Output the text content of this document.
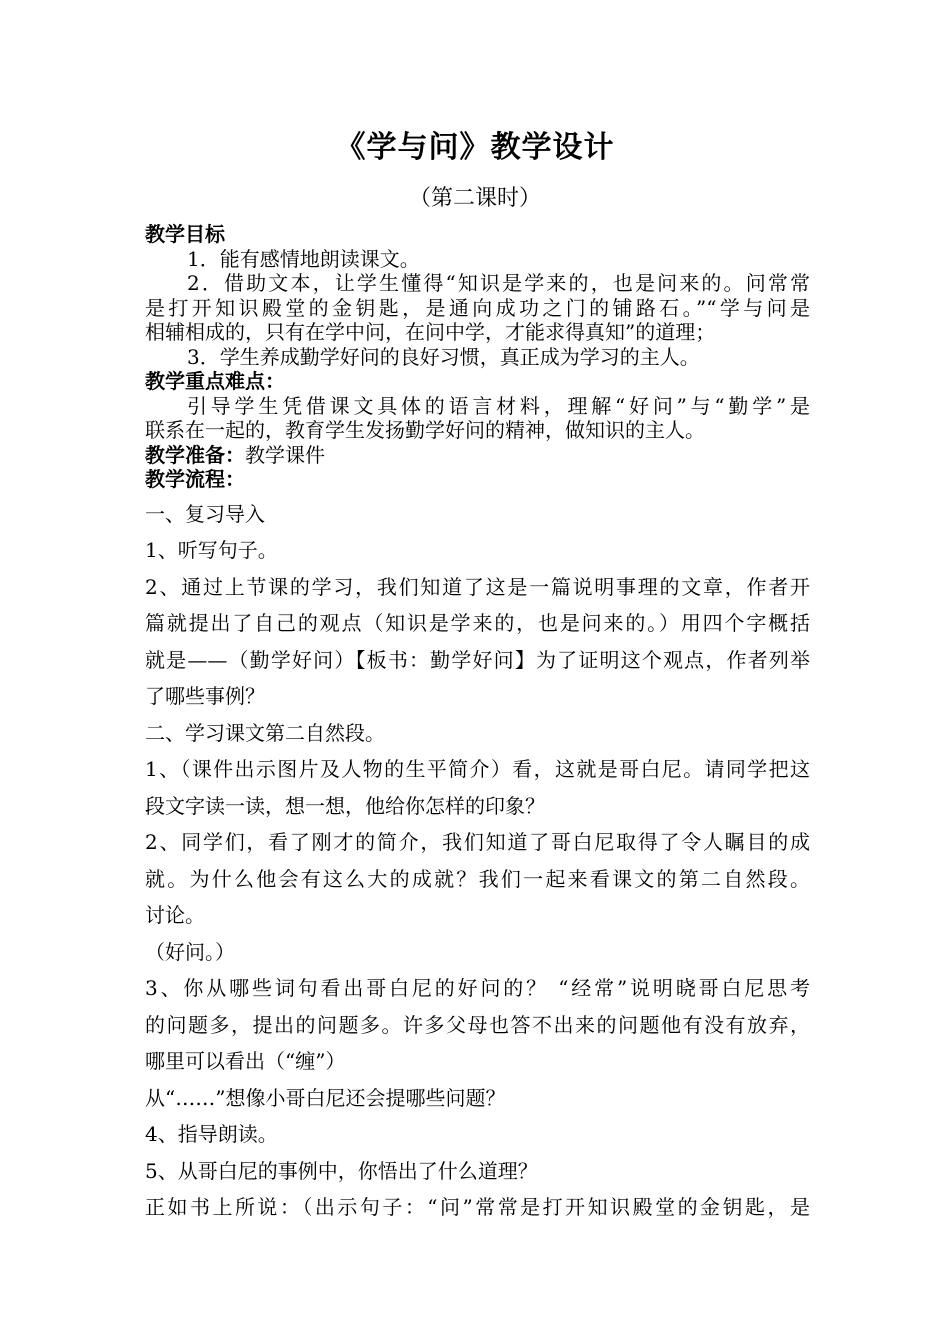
《学与问》教学设计
（第二课时）
教学目标
1．能有感情地朗读课文。
2．借助文本，让学生懂得“知识是学来的，也是问来的。问常常
是打开知识殿堂的金钥匙，是通向成功之门的铺路石。”“学与问是
相辅相成的，只有在学中问，在问中学，才能求得真知”的道理；
3．学生养成勤学好问的良好习惯，真正成为学习的主人。
教学重点难点：
引导学生凭借课文具体的语言材料，理解“好问”与“勤学”是
联系在一起的，教育学生发扬勤学好问的精神，做知识的主人。
教学准备：教学课件
教学流程：
一、复习导入
1、听写句子。
2、通过上节课的学习，我们知道了这是一篇说明事理的文章，作者开
篇就提出了自己的观点（知识是学来的，也是问来的。）用四个字概括
就是——（勤学好问）【板书：勤学好问】为了证明这个观点，作者列举
了哪些事例？
二、学习课文第二自然段。
1、（课件出示图片及人物的生平简介）看，这就是哥白尼。请同学把这
段文字读一读，想一想，他给你怎样的印象？
2、同学们，看了刚才的简介，我们知道了哥白尼取得了令人瞩目的成
就。为什么他会有这么大的成就？我们一起来看课文的第二自然段。
讨论。
（好问。）
3、你从哪些词句看出哥白尼的好问的？ “经常”说明晓哥白尼思考
的问题多，提出的问题多。许多父母也答不出来的问题他有没有放弃，
哪里可以看出（“缠”）
从“……”想像小哥白尼还会提哪些问题？
4、指导朗读。
5、从哥白尼的事例中，你悟出了什么道理？
正如书上所说：（出示句子：“问”常常是打开知识殿堂的金钥匙，是
